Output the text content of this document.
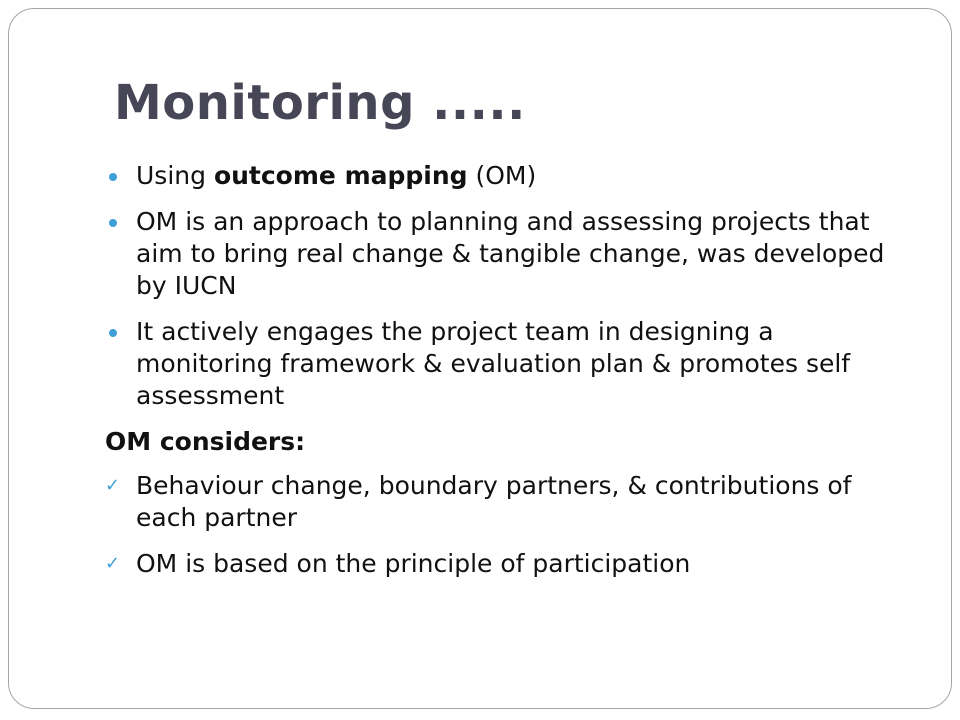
Monitoring .....
Using outcome mapping (OM)
OM is an approach to planning and assessing projects that aim to bring real change & tangible change, was developed by IUCN
It actively engages the project team in designing a monitoring framework & evaluation plan & promotes self assessment
OM considers:
✓ Behaviour change, boundary partners, & contributions of each partner
✓ OM is based on the principle of participation
